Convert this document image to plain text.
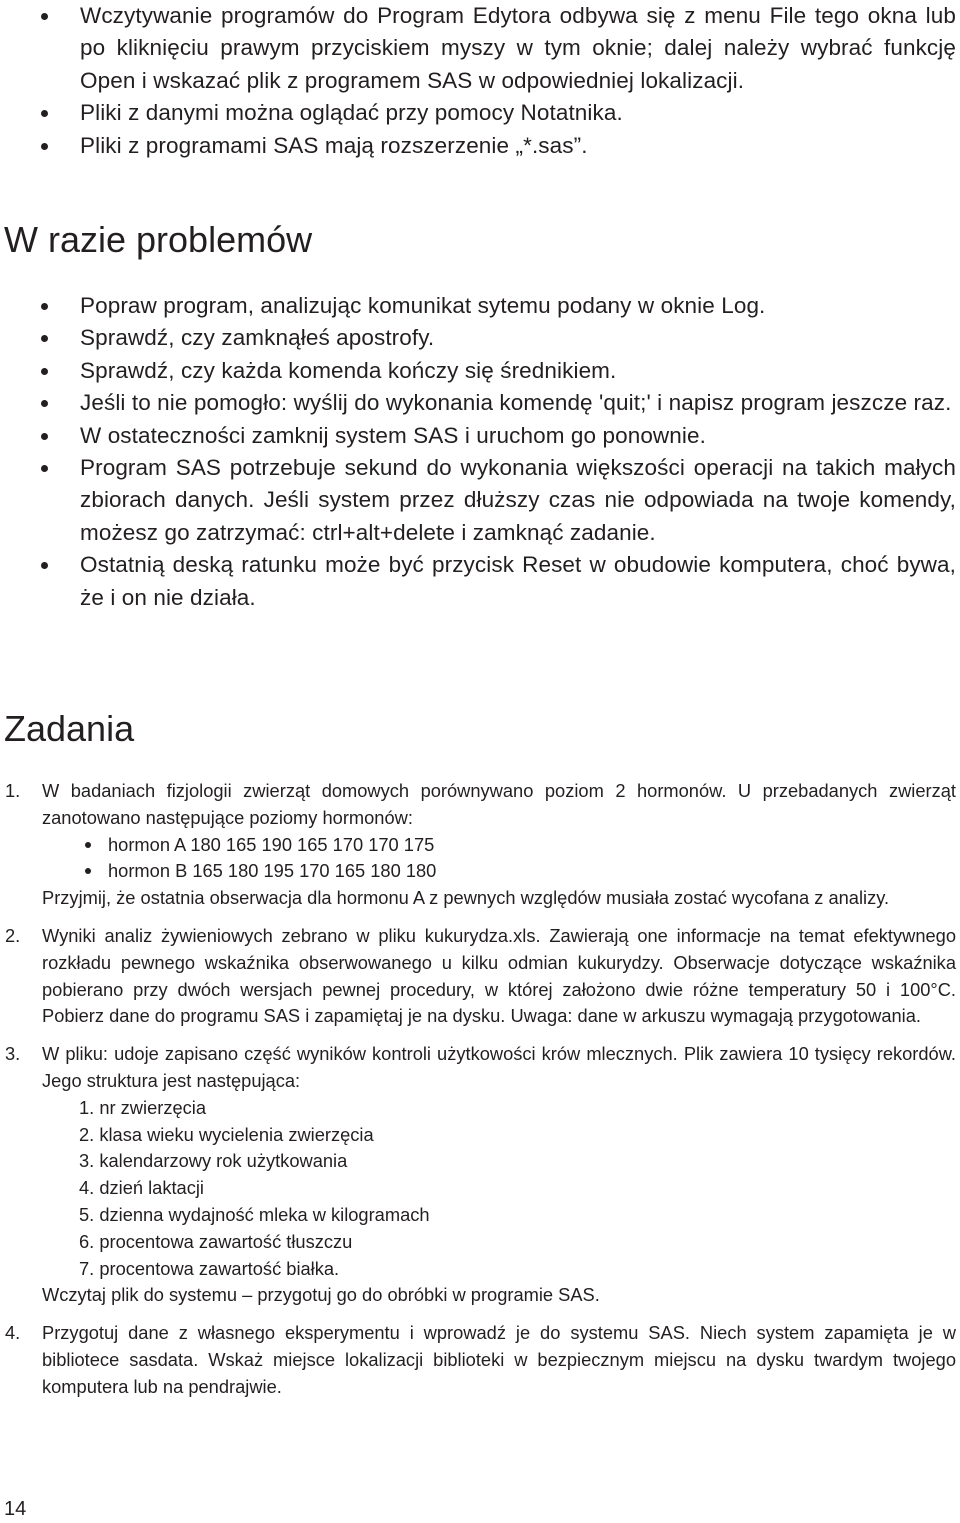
Wczytywanie programów do Program Edytora odbywa się z menu File tego okna lub po kliknięciu prawym przyciskiem myszy w tym oknie; dalej należy wybrać funkcję Open i wskazać plik z programem SAS w odpowiedniej lokalizacji.
Pliki z danymi można oglądać przy pomocy Notatnika.
Pliki z programami SAS mają rozszerzenie „*.sas”.
W razie problemów
Popraw program, analizując komunikat sytemu podany w oknie Log.
Sprawdź, czy zamknąłeś apostrofy.
Sprawdź, czy każda komenda kończy się średnikiem.
Jeśli to nie pomogło: wyślij do wykonania komendę 'quit;' i napisz program jeszcze raz.
W ostateczności zamknij system SAS i uruchom go ponownie.
Program SAS potrzebuje sekund do wykonania większości operacji na takich małych zbiorach danych. Jeśli system przez dłuższy czas nie odpowiada na twoje komendy, możesz go zatrzymać: ctrl+alt+delete i zamknąć zadanie.
Ostatnią deską ratunku może być przycisk Reset w obudowie komputera, choć bywa, że i on nie działa.
Zadania
1. W badaniach fizjologii zwierząt domowych porównywano poziom 2 hormonów. U przebadanych zwierząt zanotowano następujące poziomy hormonów:
hormon A 180 165 190 165 170 170 175
hormon B 165 180 195 170 165 180 180
Przyjmij, że ostatnia obserwacja dla hormonu A z pewnych względów musiała zostać wycofana z analizy.
2. Wyniki analiz żywieniowych zebrano w pliku kukurydza.xls. Zawierają one informacje na temat efektywnego rozkładu pewnego wskaźnika obserwowanego u kilku odmian kukurydzy. Obserwacje dotyczące wskaźnika pobierano przy dwóch wersjach pewnej procedury, w której założono dwie różne temperatury 50 i 100°C. Pobierz dane do programu SAS i zapamiętaj je na dysku. Uwaga: dane w arkuszu wymagają przygotowania.
3. W pliku: udoje zapisano część wyników kontroli użytkowości krów mlecznych. Plik zawiera 10 tysięcy rekordów. Jego struktura jest następująca:
1. nr zwierzęcia
2. klasa wieku wycielenia zwierzęcia
3. kalendarzowy rok użytkowania
4. dzień laktacji
5. dzienna wydajność mleka w kilogramach
6. procentowa zawartość tłuszczu
7. procentowa zawartość białka.
Wczytaj plik do systemu – przygotuj go do obróbki w programie SAS.
4. Przygotuj dane z własnego eksperymentu i wprowadź je do systemu SAS. Niech system zapamięta je w bibliotece sasdata. Wskaż miejsce lokalizacji biblioteki w bezpiecznym miejscu na dysku twardym twojego komputera lub na pendrajwie.
14
